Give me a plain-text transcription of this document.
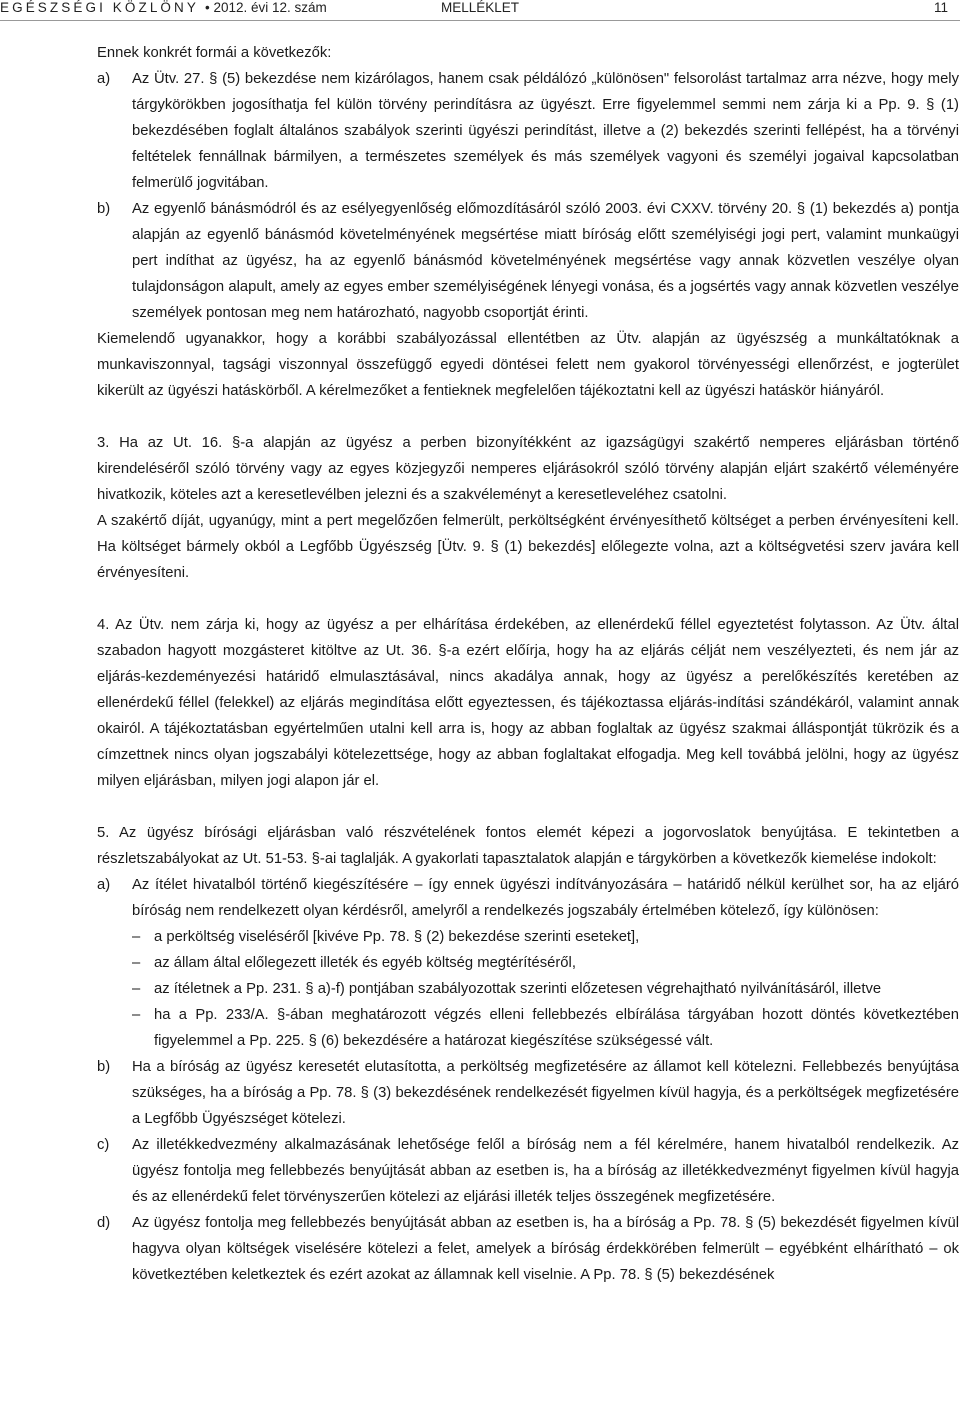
EGÉSZSÉGI KÖZLÖNY • 2012. évi 12. szám	MELLÉKLET	11

Ennek konkrét formái a következők:

a) Az Ütv. 27. § (5) bekezdése nem kizárólagos, hanem csak példálózó „különösen" felsorolást tartalmaz arra nézve, hogy mely tárgykörökben jogosíthatja fel külön törvény perindításra az ügyészt. Erre figyelemmel semmi nem zárja ki a Pp. 9. § (1) bekezdésében foglalt általános szabályok szerinti ügyészi perindítást, illetve a (2) bekezdés szerinti fellépést, ha a törvényi feltételek fennállnak bármilyen, a természetes személyek és más személyek vagyoni és személyi jogaival kapcsolatban felmerülő jogvitában.

b) Az egyenlő bánásmódról és az esélyegyenlőség előmozdításáról szóló 2003. évi CXXV. törvény 20. § (1) bekezdés a) pontja alapján az egyenlő bánásmód követelményének megsértése miatt bíróság előtt személyiségi jogi pert, valamint munkaügyi pert indíthat az ügyész, ha az egyenlő bánásmód követelményének megsértése vagy annak közvetlen veszélye olyan tulajdonságon alapult, amely az egyes ember személyiségének lényegi vonása, és a jogsértés vagy annak közvetlen veszélye személyek pontosan meg nem határozható, nagyobb csoportját érinti.

Kiemelendő ugyanakkor, hogy a korábbi szabályozással ellentétben az Ütv. alapján az ügyészség a munkáltatóknak a munkaviszonnyal, tagsági viszonnyal összefüggő egyedi döntései felett nem gyakorol törvényességi ellenőrzést, e jogterület kikerült az ügyészi hatáskörből. A kérelmezőket a fentieknek megfelelően tájékoztatni kell az ügyészi hatáskör hiányáról.

3. Ha az Ut. 16. §-a alapján az ügyész a perben bizonyítékként az igazságügyi szakértő nemperes eljárásban történő kirendeléséről szóló törvény vagy az egyes közjegyzői nemperes eljárásokról szóló törvény alapján eljárt szakértő véleményére hivatkozik, köteles azt a keresetlevélben jelezni és a szakvéleményt a keresetleveléhez csatolni.

A szakértő díját, ugyanúgy, mint a pert megelőzően felmerült, perköltségként érvényesíthető költséget a perben érvényesíteni kell. Ha költséget bármely okból a Legfőbb Ügyészség [Ütv. 9. § (1) bekezdés] előlegezte volna, azt a költségvetési szerv javára kell érvényesíteni.

4. Az Ütv. nem zárja ki, hogy az ügyész a per elhárítása érdekében, az ellenérdekű féllel egyeztetést folytasson. Az Ütv. által szabadon hagyott mozgásteret kitöltve az Ut. 36. §-a ezért előírja, hogy ha az eljárás célját nem veszélyezteti, és nem jár az eljárás-kezdeményezési határidő elmulasztásával, nincs akadálya annak, hogy az ügyész a perelőkészítés keretében az ellenérdekű féllel (felekkel) az eljárás megindítása előtt egyeztessen, és tájékoztassa eljárás-indítási szándékáról, valamint annak okairól. A tájékoztatásban egyértelműen utalni kell arra is, hogy az abban foglaltak az ügyész szakmai álláspontját tükrözik és a címzettnek nincs olyan jogszabályi kötelezettsége, hogy az abban foglaltakat elfogadja. Meg kell továbbá jelölni, hogy az ügyész milyen eljárásban, milyen jogi alapon jár el.

5. Az ügyész bírósági eljárásban való részvételének fontos elemét képezi a jogorvoslatok benyújtása. E tekintetben a részletszabályokat az Ut. 51-53. §-ai taglalják. A gyakorlati tapasztalatok alapján e tárgykörben a következők kiemelése indokolt:

a) Az ítélet hivatalból történő kiegészítésére – így ennek ügyészi indítványozására – határidő nélkül kerülhet sor, ha az eljáró bíróság nem rendelkezett olyan kérdésről, amelyről a rendelkezés jogszabály értelmében kötelező, így különösen:

– a perköltség viseléséről [kivéve Pp. 78. § (2) bekezdése szerinti eseteket],

– az állam által előlegezett illeték és egyéb költség megtérítéséről,

– az ítéletnek a Pp. 231. § a)-f) pontjában szabályozottak szerinti előzetesen végrehajtható nyilvánításáról, illetve

– ha a Pp. 233/A. §-ában meghatározott végzés elleni fellebbezés elbírálása tárgyában hozott döntés következtében figyelemmel a Pp. 225. § (6) bekezdésére a határozat kiegészítése szükségessé vált.

b) Ha a bíróság az ügyész keresetét elutasította, a perköltség megfizetésére az államot kell kötelezni. Fellebbezés benyújtása szükséges, ha a bíróság a Pp. 78. § (3) bekezdésének rendelkezését figyelmen kívül hagyja, és a perköltségek megfizetésére a Legfőbb Ügyészséget kötelezi.

c) Az illetékkedvezmény alkalmazásának lehetősége felől a bíróság nem a fél kérelmére, hanem hivatalból rendelkezik. Az ügyész fontolja meg fellebbezés benyújtását abban az esetben is, ha a bíróság az illetékkedvezményt figyelmen kívül hagyja és az ellenérdekű felet törvényszerűen kötelezi az eljárási illeték teljes összegének megfizetésére.

d) Az ügyész fontolja meg fellebbezés benyújtását abban az esetben is, ha a bíróság a Pp. 78. § (5) bekezdését figyelmen kívül hagyva olyan költségek viselésére kötelezi a felet, amelyek a bíróság érdekkörében felmerült – egyébként elhárítható – ok következtében keletkeztek és ezért azokat az államnak kell viselnie. A Pp. 78. § (5) bekezdésének
